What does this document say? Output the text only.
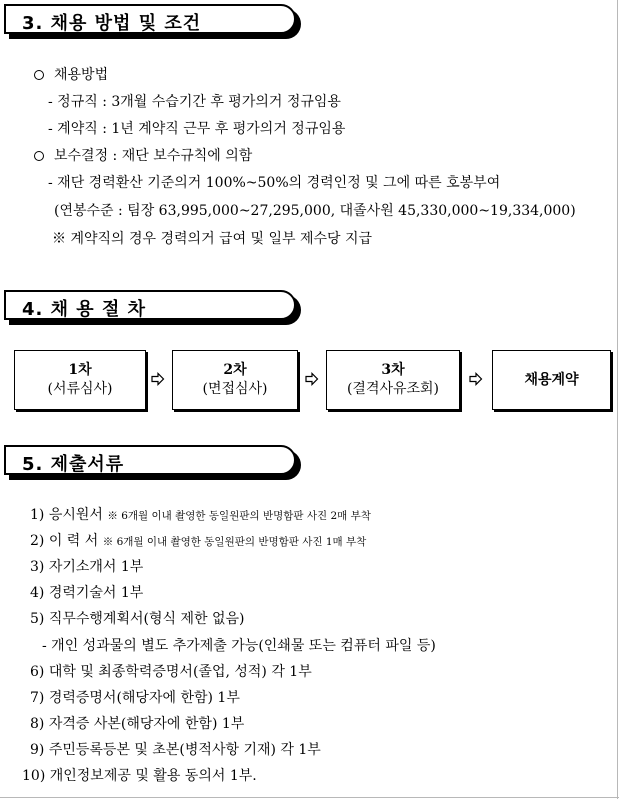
3. 채용 방법 및 조건
채용방법
- 정규직 : 3개월 수습기간 후 평가의거 정규임용
- 계약직 : 1년 계약직 근무 후 평가의거 정규임용
보수결정 : 재단 보수규칙에 의함
- 재단 경력환산 기준의거 100%~50%의 경력인정 및 그에 따른 호봉부여
(연봉수준 : 팀장 63,995,000~27,295,000, 대졸사원 45,330,000~19,334,000)
※ 계약직의 경우 경력의거 급여 및 일부 제수당 지급
4. 채 용 절 차
1차
(서류심사)
2차
(면접심사)
3차
(결격사유조회)
채용계약
5. 제출서류
1) 응시원서 ※ 6개월 이내 촬영한 동일원판의 반명함판 사진 2매 부착
2) 이 력 서 ※ 6개월 이내 촬영한 동일원판의 반명함판 사진 1매 부착
3) 자기소개서 1부
4) 경력기술서 1부
5) 직무수행계획서(형식 제한 없음)
- 개인 성과물의 별도 추가제출 가능(인쇄물 또는 컴퓨터 파일 등)
6) 대학 및 최종학력증명서(졸업, 성적) 각 1부
7) 경력증명서(해당자에 한함) 1부
8) 자격증 사본(해당자에 한함) 1부
9) 주민등록등본 및 초본(병적사항 기재) 각 1부
10) 개인정보제공 및 활용 동의서 1부.
